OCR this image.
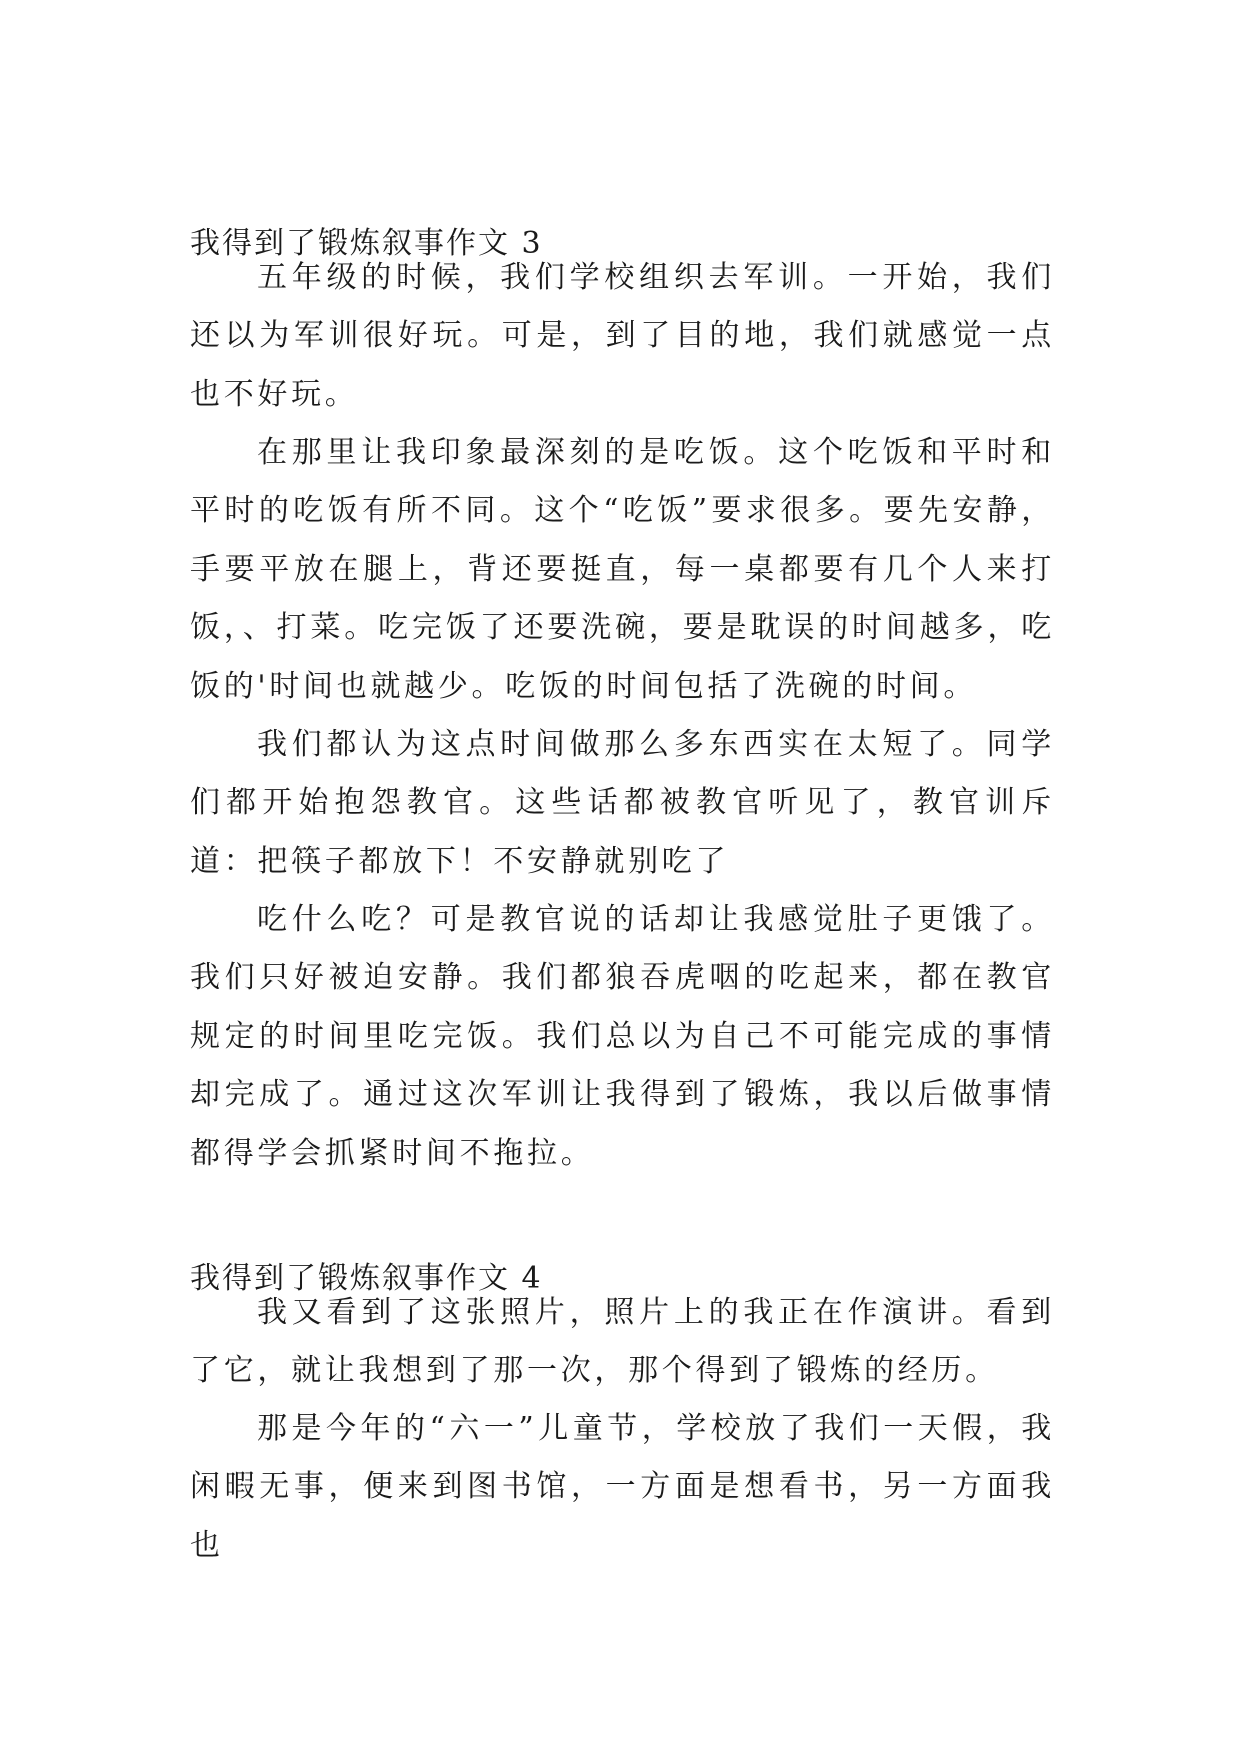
我得到了锻炼叙事作文 3
五年级的时候，我们学校组织去军训。一开始，我们还以为军训很好玩。可是，到了目的地，我们就感觉一点也不好玩。
在那里让我印象最深刻的是吃饭。这个吃饭和平时和平时的吃饭有所不同。这个“吃饭”要求很多。要先安静，手要平放在腿上，背还要挺直，每一桌都要有几个人来打饭，、打菜。吃完饭了还要洗碗，要是耽误的时间越多，吃饭的'时间也就越少。吃饭的时间包括了洗碗的时间。
我们都认为这点时间做那么多东西实在太短了。同学们都开始抱怨教官。这些话都被教官听见了，教官训斥道：把筷子都放下！不安静就别吃了
吃什么吃？可是教官说的话却让我感觉肚子更饿了。我们只好被迫安静。我们都狼吞虎咽的吃起来，都在教官规定的时间里吃完饭。我们总以为自己不可能完成的事情却完成了。通过这次军训让我得到了锻炼，我以后做事情都得学会抓紧时间不拖拉。
我得到了锻炼叙事作文 4
我又看到了这张照片，照片上的我正在作演讲。看到了它，就让我想到了那一次，那个得到了锻炼的经历。
那是今年的“六一”儿童节，学校放了我们一天假，我闲暇无事，便来到图书馆，一方面是想看书，另一方面我也
